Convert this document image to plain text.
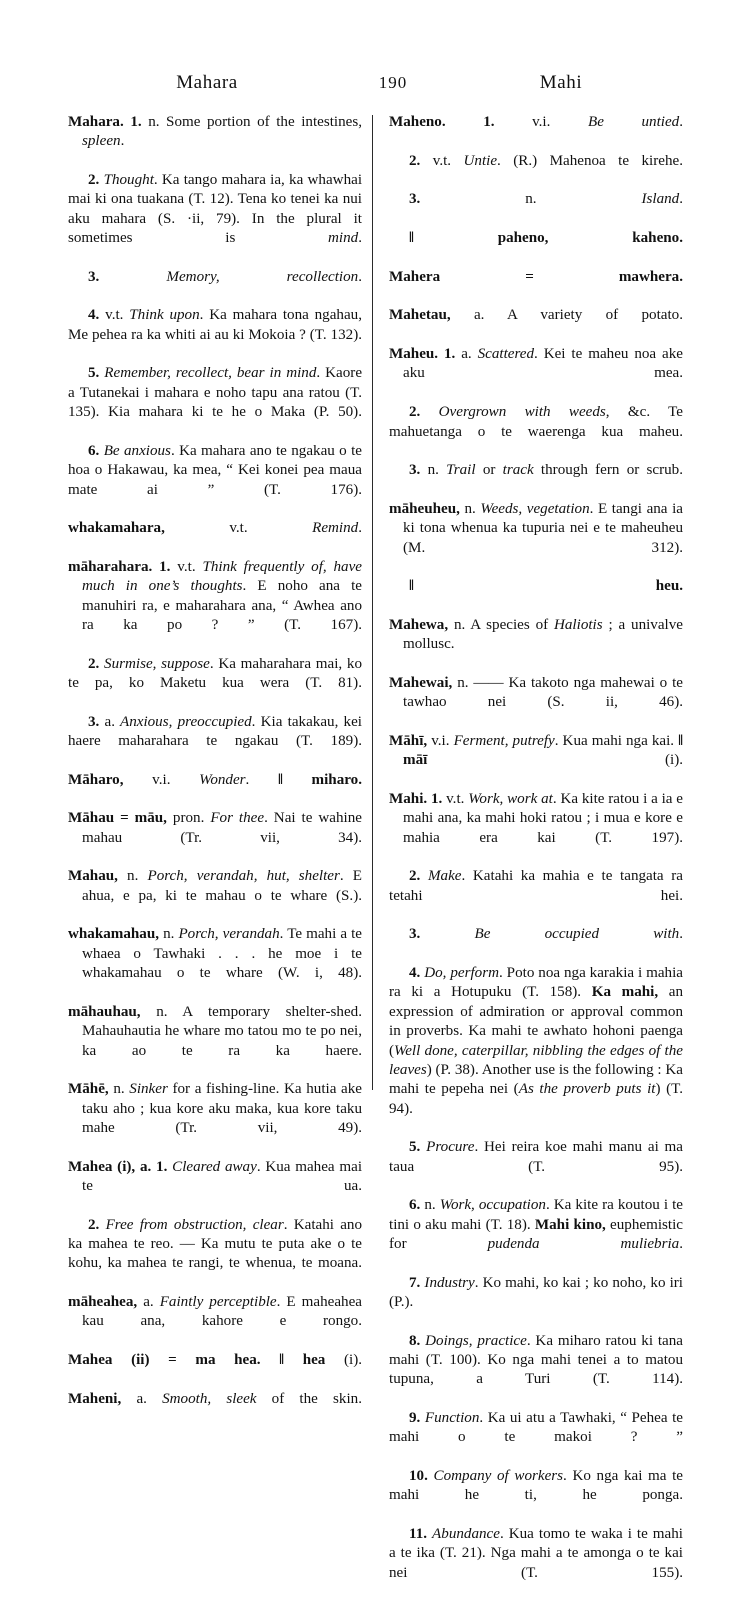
Mahara	190	Mahi

Mahara. 1. n. Some portion of the intestines, spleen.

2. Thought. Ka tango mahara ia, ka whawhai mai ki ona tuakana (T. 12). Tena ko tenei ka nui aku mahara (S. ·ii, 79). In the plural it sometimes is mind.

3. Memory, recollection.

4. v.t. Think upon. Ka mahara tona ngahau, Me pehea ra ka whiti ai au ki Mokoia ? (T. 132).

5. Remember, recollect, bear in mind. Kaore a Tutanekai i mahara e noho tapu ana ratou (T. 135). Kia mahara ki te he o Maka (P. 50).

6. Be anxious. Ka mahara ano te ngakau o te hoa o Hakawau, ka mea, “ Kei konei pea maua mate ai ” (T. 176).

whakamahara,	v.t. Remind.

māharahara. 1. v.t. Think frequently of, have much in one’s thoughts. E noho ana te manuhiri ra, e maharahara ana, “ Awhea ano ra ka po ? ” (T. 167).

2. Surmise, suppose. Ka maharahara mai, ko te pa, ko Maketu kua wera (T. 81).

3. a. Anxious, preoccupied. Kia takakau, kei haere maharahara te ngakau (T. 189).

Māharo, v.i. Wonder. ‖ miharo.

Māhau = māu, pron. For thee. Nai te wahine mahau (Tr. vii, 34).

Mahau, n. Porch, verandah, hut, shelter. E ahua, e pa, ki te mahau o te whare (S.).

whakamahau, n. Porch, verandah. Te mahi a te whaea o Tawhaki . . . he moe i te whakamahau o te whare (W. i, 48).

māhauhau, n. A temporary shelter-shed. Mahauhautia he whare mo tatou mo te po nei, ka ao te ra ka haere.

Māhē, n. Sinker for a fishing-line. Ka hutia ake taku aho ; kua kore aku maka, kua kore taku mahe (Tr. vii, 49).

Mahea (i), a. 1. Cleared away. Kua mahea mai te ua.

2. Free from obstruction, clear. Katahi ano ka mahea te reo. — Ka mutu te puta ake o te kohu, ka mahea te rangi, te whenua, te moana.

māheahea, a. Faintly perceptible. E maheahea kau ana, kahore e rongo.

Mahea (ii) = ma hea. ‖ hea (i).

Maheni, a. Smooth, sleek of the skin.

Maheno. 1. v.i. Be untied.

2. v.t. Untie. (R.) Mahenoa te kirehe.

3. n. Island.

‖ paheno, kaheno.

Mahera = mawhera.

Mahetau, a. A variety of potato.

Maheu. 1. a. Scattered. Kei te maheu noa ake aku mea.

2. Overgrown with weeds, &c. Te mahuetanga o te waerenga kua maheu.

3. n. Trail or track through fern or scrub.

māheuheu, n. Weeds, vegetation. E tangi ana ia ki tona whenua ka tupuria nei e te maheuheu (M. 312).

‖ heu.

Mahewa, n. A species of Haliotis ; a univalve mollusc.

Mahewai, n. —— Ka takoto nga mahewai o te tawhao nei (S. ii, 46).

Māhī, v.i. Ferment, putrefy. Kua mahi nga kai. ‖ māī (i).

Mahi. 1. v.t. Work, work at. Ka kite ratou i a ia e mahi ana, ka mahi hoki ratou ; i mua e kore e mahia era kai (T. 197).

2. Make. Katahi ka mahia e te tangata ra tetahi hei.

3. Be occupied with.

4. Do, perform. Poto noa nga karakia i mahia ra ki a Hotupuku (T. 158). Ka mahi, an expression of admiration or approval common in proverbs. Ka mahi te awhato hohoni paenga (Well done, caterpillar, nibbling the edges of the leaves) (P. 38). Another use is the following : Ka mahi te pepeha nei (As the proverb puts it) (T. 94).

5. Procure. Hei reira koe mahi manu ai ma taua (T. 95).

6. n. Work, occupation. Ka kite ra koutou i te tini o aku mahi (T. 18). Mahi kino, euphemistic for pudenda muliebria.

7. Industry. Ko mahi, ko kai ; ko noho, ko iri (P.).

8. Doings, practice. Ka miharo ratou ki tana mahi (T. 100). Ko nga mahi tenei a to matou tupuna, a Turi (T. 114).

9. Function. Ka ui atu a Tawhaki, “ Pehea te mahi o te makoi ? ”

10. Company of workers. Ko nga kai ma te mahi he ti, he ponga.

11. Abundance. Kua tomo te waka i te mahi a te ika (T. 21). Nga mahi a te amonga o te kai nei (T. 155).
